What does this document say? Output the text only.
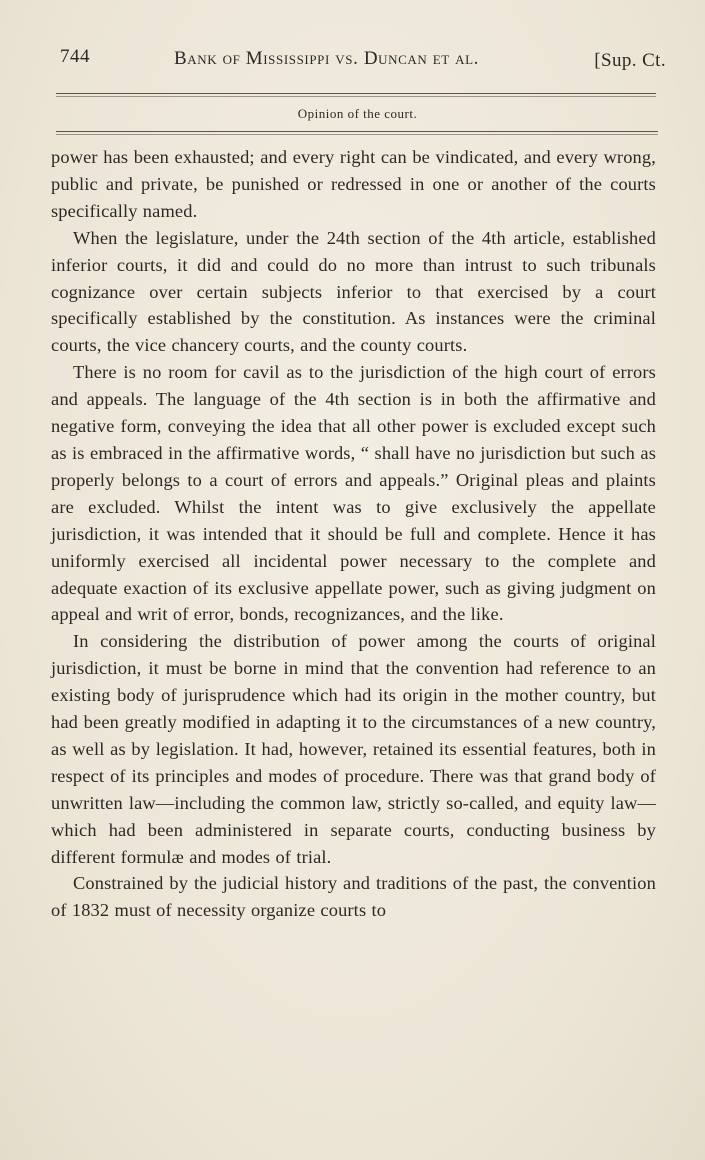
744	Bank of Mississippi vs. Duncan et al.	[Sup. Ct.
Opinion of the court.

power has been exhausted; and every right can be vindicated, and every wrong, public and private, be punished or redressed in one or another of the courts specifically named.

When the legislature, under the 24th section of the 4th article, established inferior courts, it did and could do no more than intrust to such tribunals cognizance over certain subjects inferior to that exercised by a court specifically established by the constitution. As instances were the criminal courts, the vice chancery courts, and the county courts.

There is no room for cavil as to the jurisdiction of the high court of errors and appeals. The language of the 4th section is in both the affirmative and negative form, conveying the idea that all other power is excluded except such as is embraced in the affirmative words, “ shall have no jurisdiction but such as properly belongs to a court of errors and appeals.” Original pleas and plaints are excluded. Whilst the intent was to give exclusively the appellate jurisdiction, it was intended that it should be full and complete. Hence it has uniformly exercised all incidental power necessary to the complete and adequate exaction of its exclusive appellate power, such as giving judgment on appeal and writ of error, bonds, recognizances, and the like.

In considering the distribution of power among the courts of original jurisdiction, it must be borne in mind that the convention had reference to an existing body of jurisprudence which had its origin in the mother country, but had been greatly modified in adapting it to the circumstances of a new country, as well as by legislation. It had, however, retained its essential features, both in respect of its principles and modes of procedure. There was that grand body of unwritten law—including the common law, strictly so-called, and equity law—which had been administered in separate courts, conducting business by different formulæ and modes of trial.

Constrained by the judicial history and traditions of the past, the convention of 1832 must of necessity organize courts to
